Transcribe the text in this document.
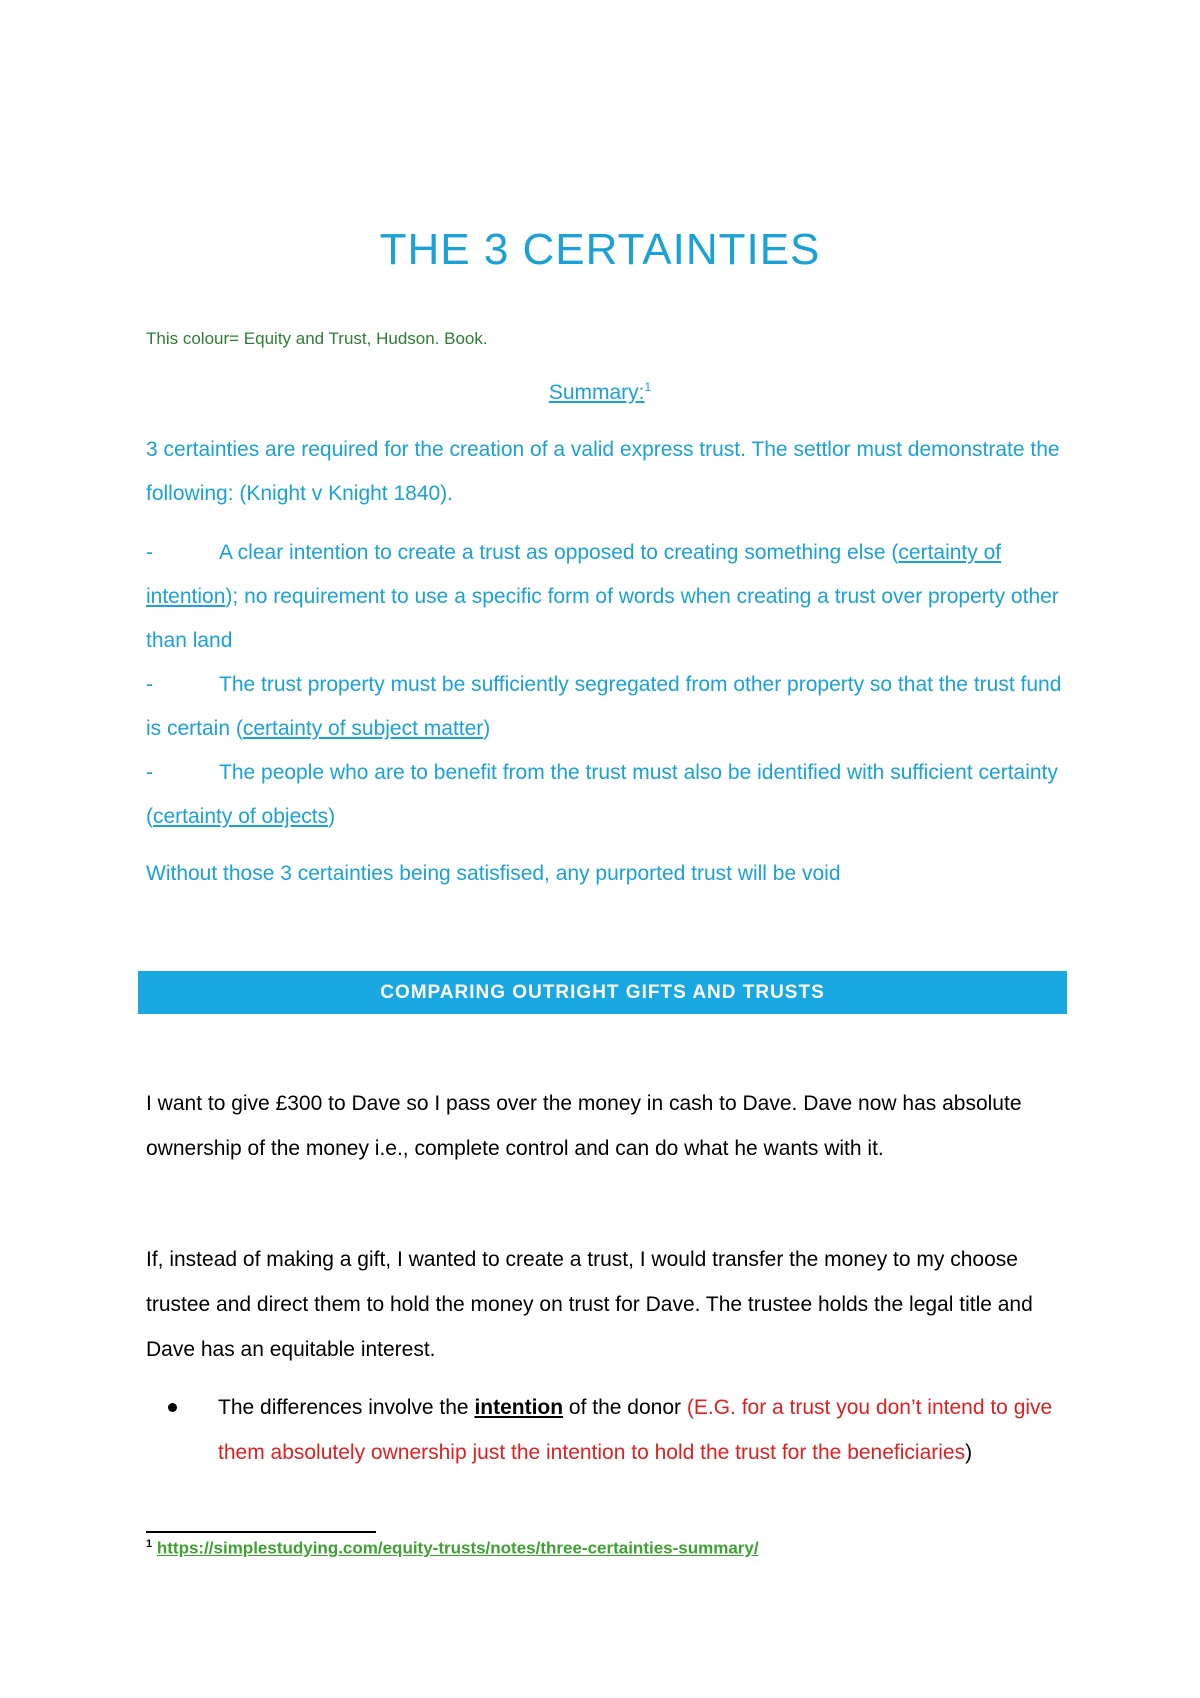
THE 3 CERTAINTIES
This colour= Equity and Trust, Hudson. Book.
Summary:$^1$
3 certainties are required for the creation of a valid express trust. The settlor must demonstrate the following: (Knight v Knight 1840).
-	A clear intention to create a trust as opposed to creating something else (certainty of intention); no requirement to use a specific form of words when creating a trust over property other than land
-	The trust property must be sufficiently segregated from other property so that the trust fund is certain (certainty of subject matter)
-	The people who are to benefit from the trust must also be identified with sufficient certainty (certainty of objects)
Without those 3 certainties being satisfised, any purported trust will be void
COMPARING OUTRIGHT GIFTS AND TRUSTS
I want to give £300 to Dave so I pass over the money in cash to Dave. Dave now has absolute ownership of the money i.e., complete control and can do what he wants with it.
If, instead of making a gift, I wanted to create a trust, I would transfer the money to my choose trustee and direct them to hold the money on trust for Dave. The trustee holds the legal title and Dave has an equitable interest.
The differences involve the intention of the donor (E.G. for a trust you don’t intend to give them absolutely ownership just the intention to hold the trust for the beneficiaries)
$^1$ https://simplestudying.com/equity-trusts/notes/three-certainties-summary/
